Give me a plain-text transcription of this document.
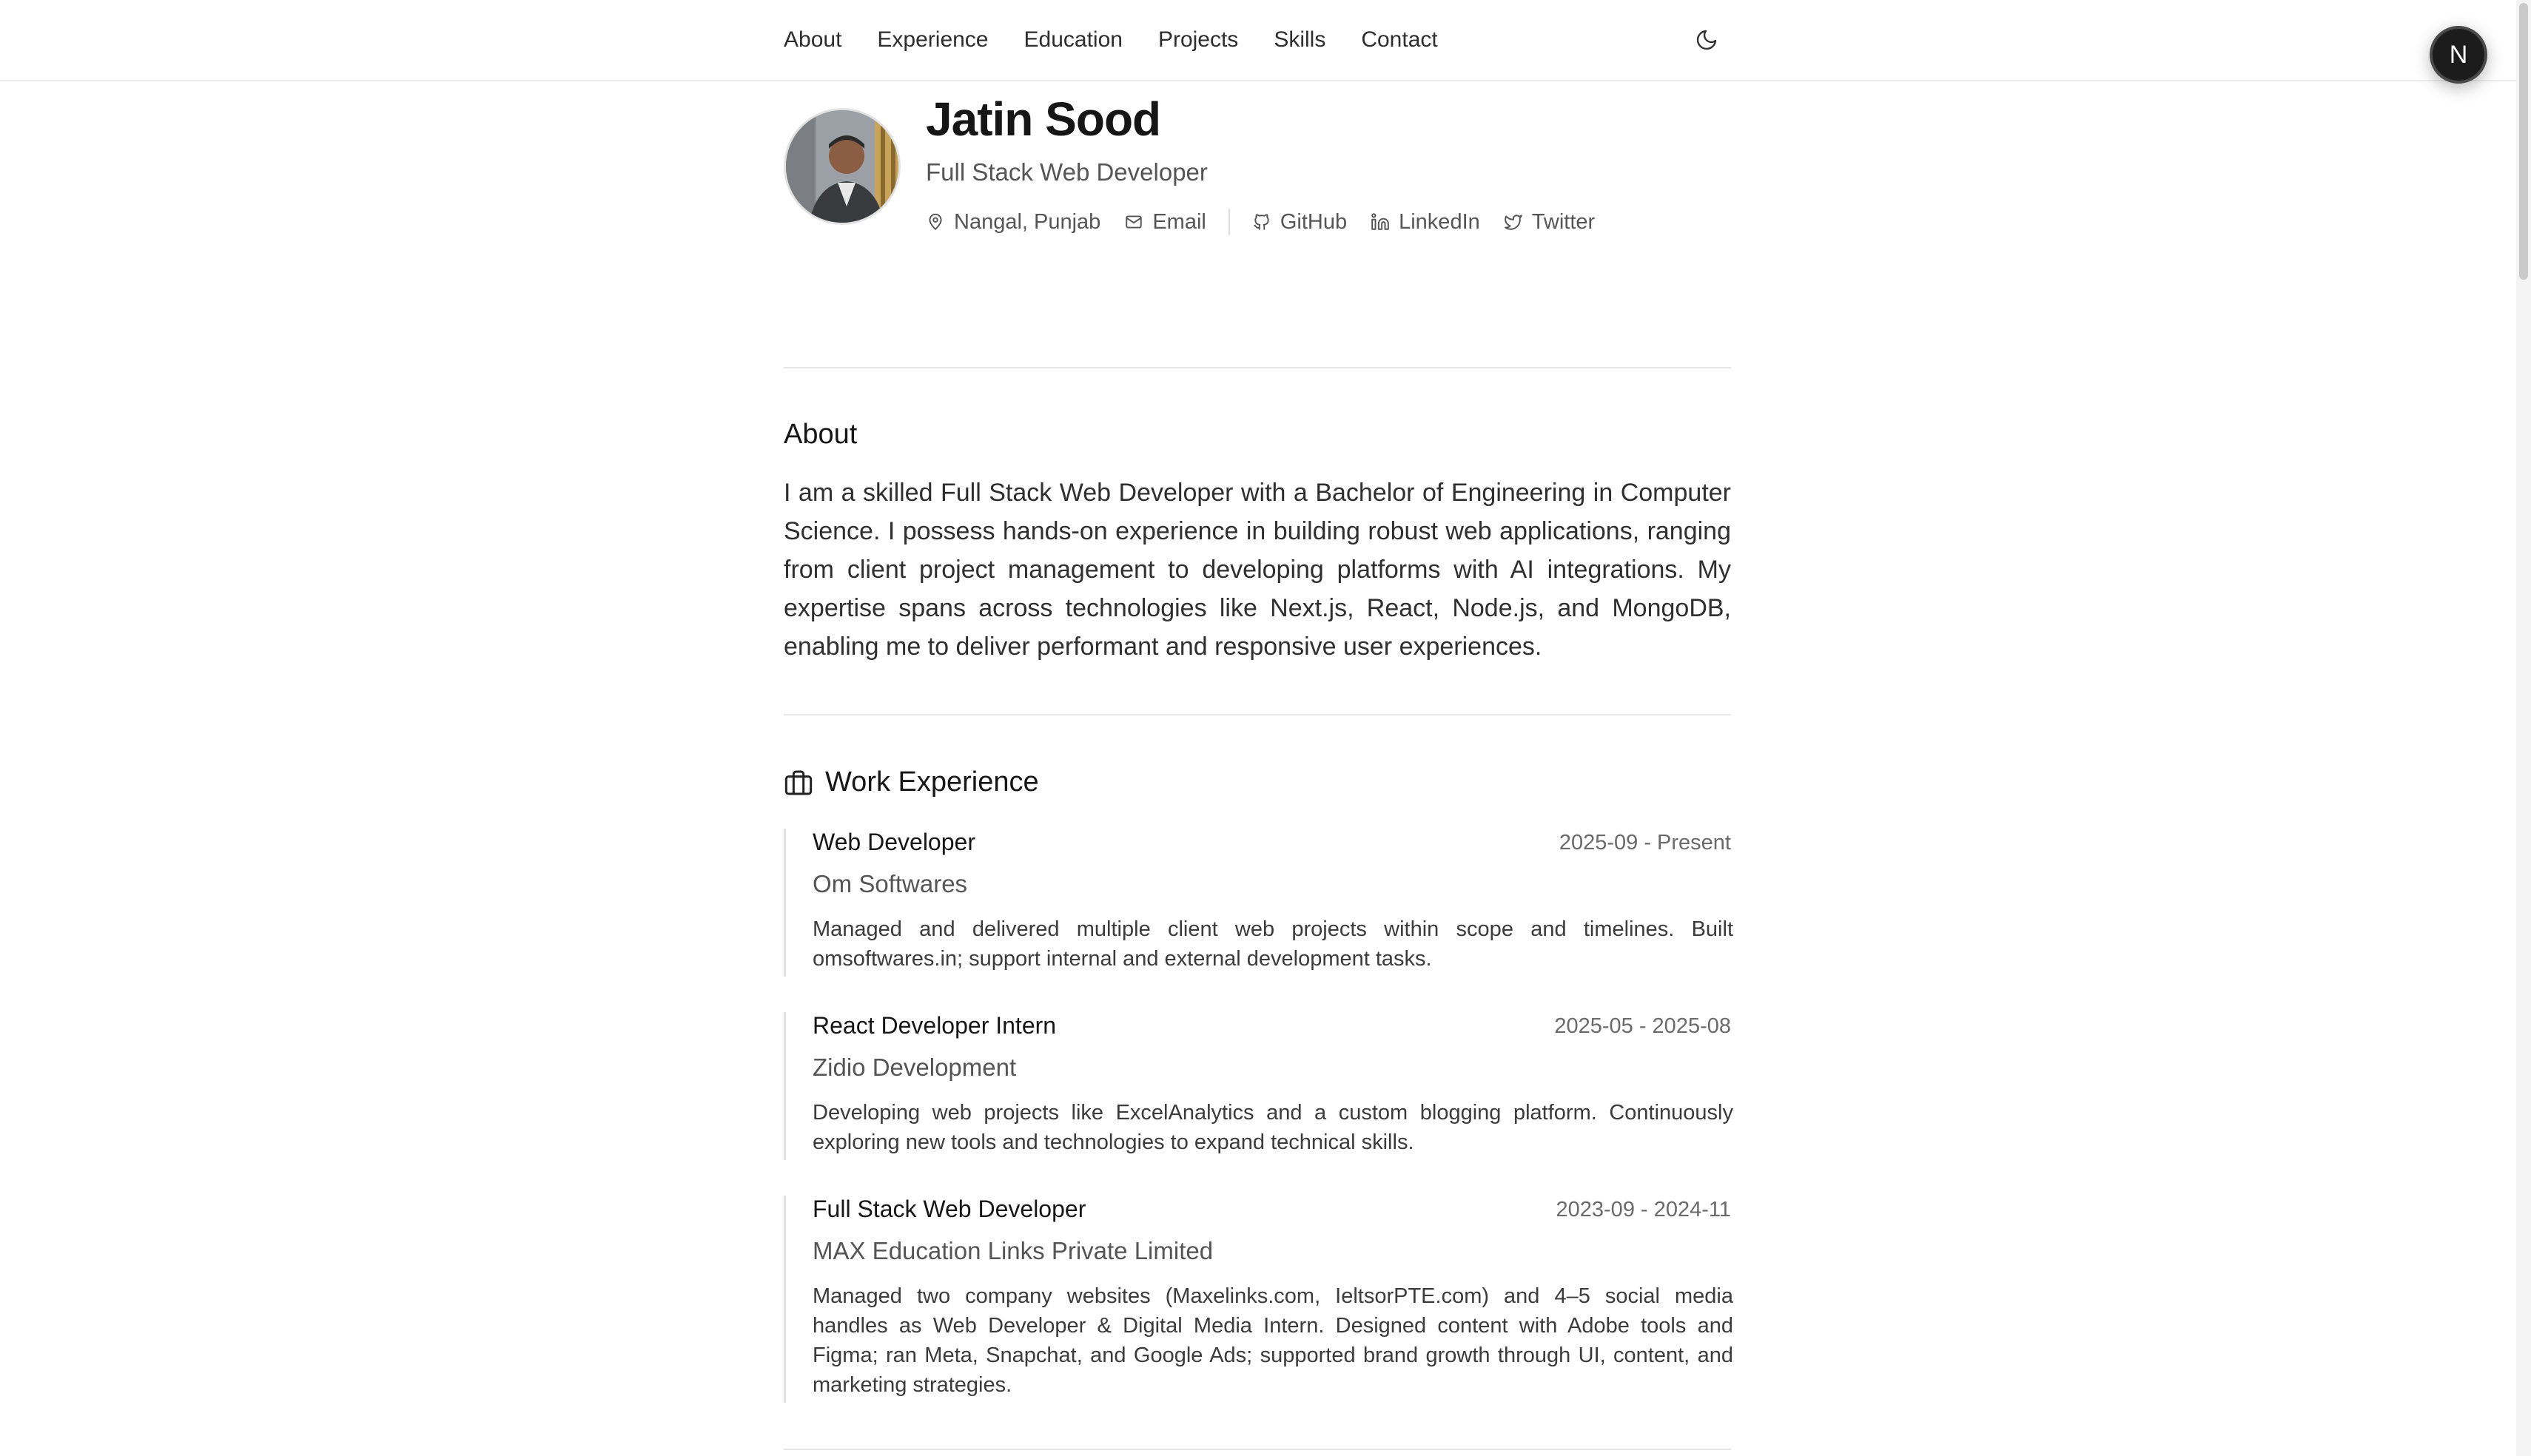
About Experience Education Projects Skills Contact
N
Jatin Sood
Full Stack Web Developer
Nangal, Punjab Email	GitHub LinkedIn Twitter
About
I am a skilled Full Stack Web Developer with a Bachelor of Engineering in Computer Science. I possess hands-on experience in building robust web applications, ranging from client project management to developing platforms with AI integrations. My expertise spans across technologies like Next.js, React, Node.js, and MongoDB, enabling me to deliver performant and responsive user experiences.
Work Experience
Web Developer	2025-09 - Present
Om Softwares
Managed and delivered multiple client web projects within scope and timelines. Built omsoftwares.in; support internal and external development tasks.
React Developer Intern	2025-05 - 2025-08
Zidio Development
Developing web projects like ExcelAnalytics and a custom blogging platform. Continuously exploring new tools and technologies to expand technical skills.
Full Stack Web Developer	2023-09 - 2024-11
MAX Education Links Private Limited
Managed two company websites (Maxelinks.com, IeltsorPTE.com) and 4–5 social media handles as Web Developer & Digital Media Intern. Designed content with Adobe tools and Figma; ran Meta, Snapchat, and Google Ads; supported brand growth through UI, content, and marketing strategies.
